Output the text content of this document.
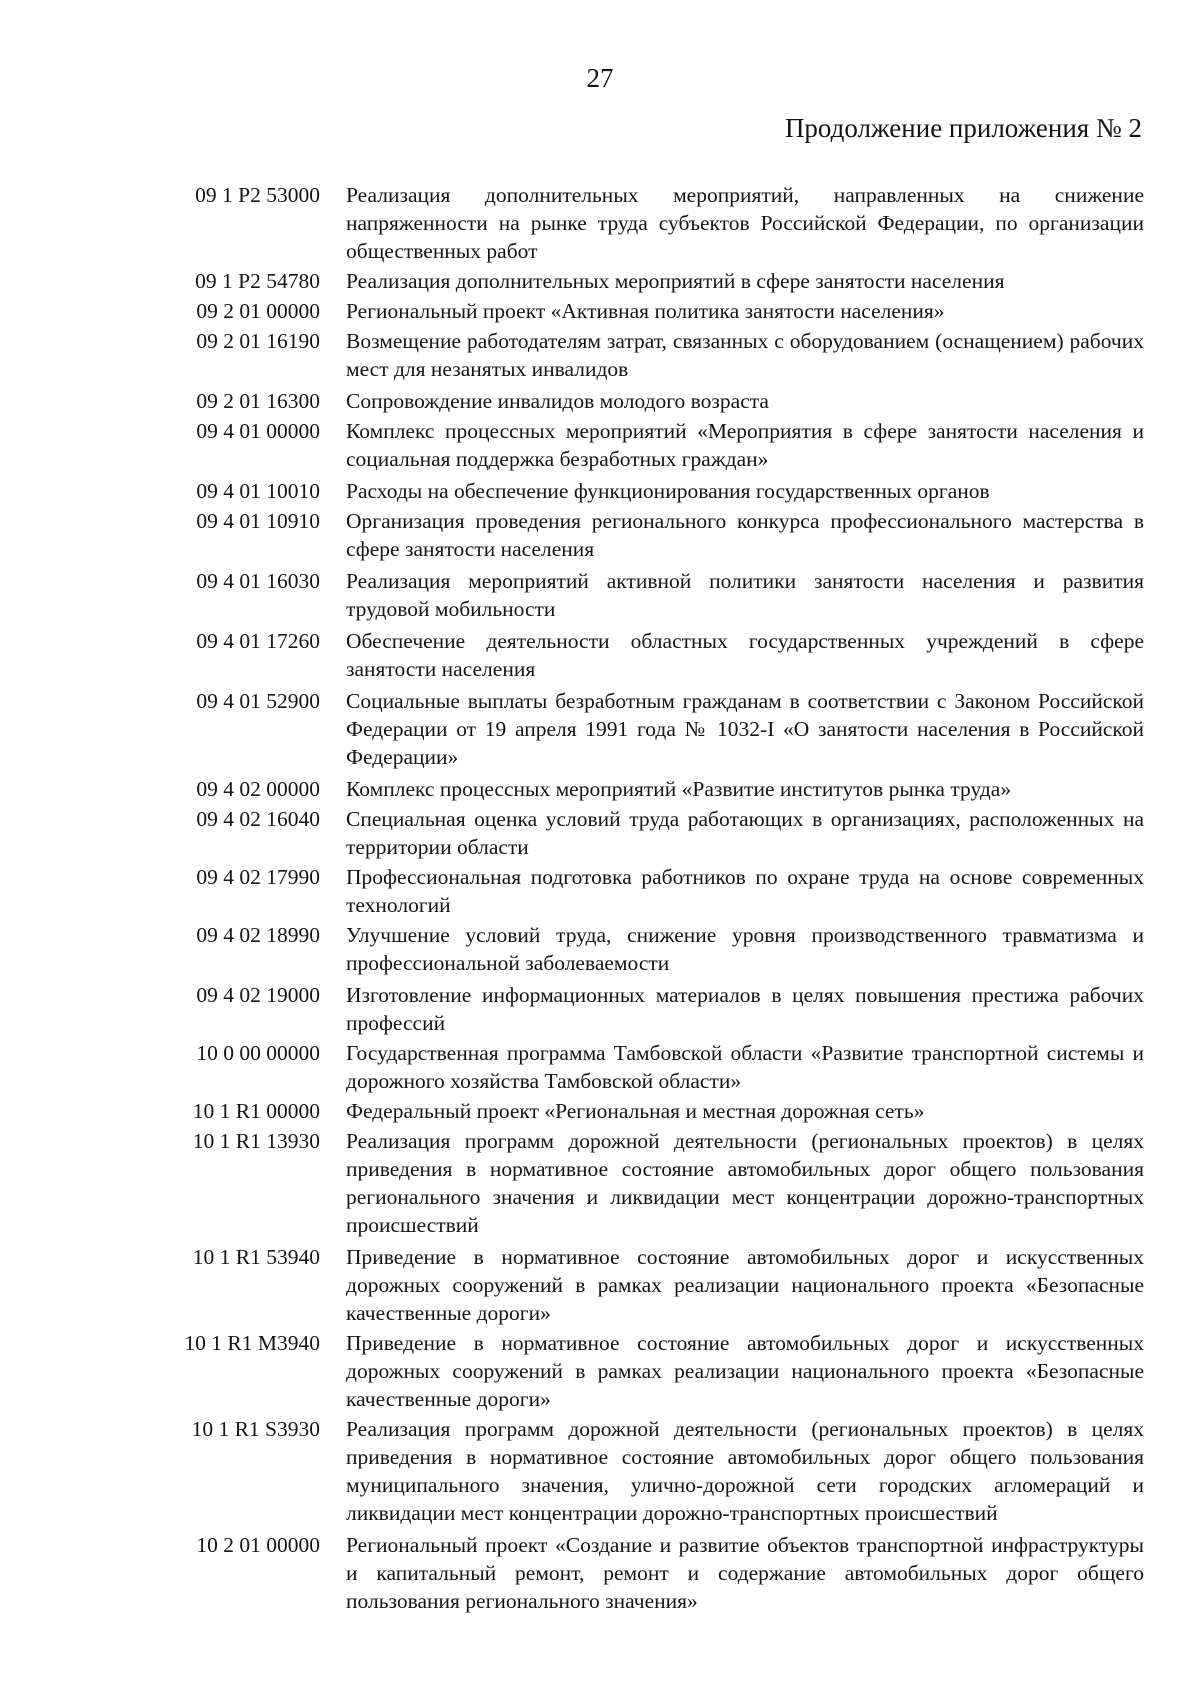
27
Продолжение приложения № 2
09 1 P2 53000	Реализация дополнительных мероприятий, направленных на снижение напряженности на рынке труда субъектов Российской Федерации, по организации общественных работ

09 1 P2 54780	Реализация дополнительных мероприятий в сфере занятости населения

09 2 01 00000	Региональный проект «Активная политика занятости населения»

09 2 01 16190	Возмещение работодателям затрат, связанных с оборудованием (оснащением) рабочих мест для незанятых инвалидов

09 2 01 16300	Сопровождение инвалидов молодого возраста

09 4 01 00000	Комплекс процессных мероприятий «Мероприятия в сфере занятости населения и социальная поддержка безработных граждан»

09 4 01 10010	Расходы на обеспечение функционирования государственных органов

09 4 01 10910	Организация проведения регионального конкурса профессионального мастерства в сфере занятости населения

09 4 01 16030	Реализация мероприятий активной политики занятости населения и развития трудовой мобильности

09 4 01 17260	Обеспечение деятельности областных государственных учреждений в сфере занятости населения

09 4 01 52900	Социальные выплаты безработным гражданам в соответствии с Законом Российской Федерации от 19 апреля 1991 года № 1032-I «О занятости населения в Российской Федерации»

09 4 02 00000	Комплекс процессных мероприятий «Развитие институтов рынка труда»

09 4 02 16040	Специальная оценка условий труда работающих в организациях, расположенных на территории области

09 4 02 17990	Профессиональная подготовка работников по охране труда на основе современных технологий

09 4 02 18990	Улучшение условий труда, снижение уровня производственного травматизма и профессиональной заболеваемости

09 4 02 19000	Изготовление информационных материалов в целях повышения престижа рабочих профессий

10 0 00 00000	Государственная программа Тамбовской области «Развитие транспортной системы и дорожного хозяйства Тамбовской области»

10 1 R1 00000	Федеральный проект «Региональная и местная дорожная сеть»

10 1 R1 13930	Реализация программ дорожной деятельности (региональных проектов) в целях приведения в нормативное состояние автомобильных дорог общего пользования регионального значения и ликвидации мест концентрации дорожно-транспортных происшествий

10 1 R1 53940	Приведение в нормативное состояние автомобильных дорог и искусственных дорожных сооружений в рамках реализации национального проекта «Безопасные качественные дороги»

10 1 R1 M3940	Приведение в нормативное состояние автомобильных дорог и искусственных дорожных сооружений в рамках реализации национального проекта «Безопасные качественные дороги»

10 1 R1 S3930	Реализация программ дорожной деятельности (региональных проектов) в целях приведения в нормативное состояние автомобильных дорог общего пользования муниципального значения, улично-дорожной сети городских агломераций и ликвидации мест концентрации дорожно-транспортных происшествий

10 2 01 00000	Региональный проект «Создание и развитие объектов транспортной инфраструктуры и капитальный ремонт, ремонт и содержание автомобильных дорог общего пользования регионального значения»
